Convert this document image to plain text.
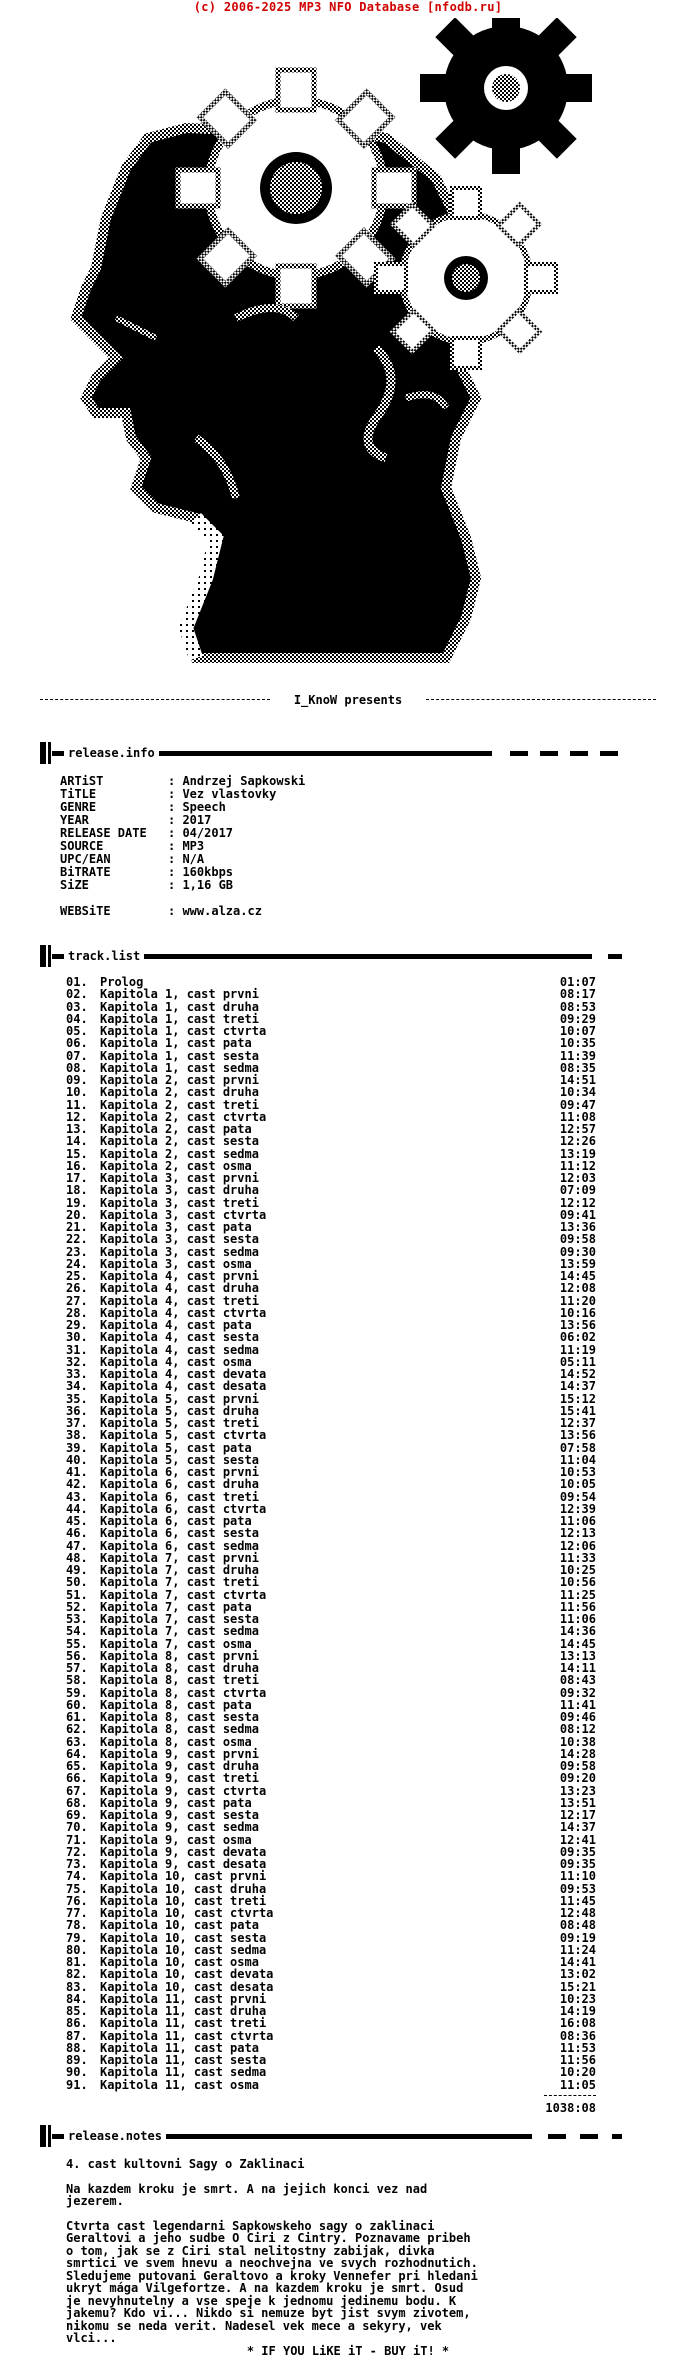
(c) 2006-2025 MP3 NFO Database [nfodb.ru]
I_KnoW presents
release.info
ARTiST	: Andrzej Sapkowski
TiTLE	: Vez vlastovky
GENRE	: Speech
YEAR	: 2017
RELEASE DATE : 04/2017
SOURCE	: MP3
UPC/EAN	: N/A
BiTRATE	: 160kbps
SiZE	: 1,16 GB
WEBSiTE	: www.alza.cz
track.list
01. Prolog	01:07
02. Kapitola 1, cast prvni	08:17
03. Kapitola 1, cast druha	08:53
04. Kapitola 1, cast treti	09:29
05. Kapitola 1, cast ctvrta	10:07
06. Kapitola 1, cast pata	10:35
07. Kapitola 1, cast sesta	11:39
08. Kapitola 1, cast sedma	08:35
09. Kapitola 2, cast prvni	14:51
10. Kapitola 2, cast druha	10:34
11. Kapitola 2, cast treti	09:47
12. Kapitola 2, cast ctvrta	11:08
13. Kapitola 2, cast pata	12:57
14. Kapitola 2, cast sesta	12:26
15. Kapitola 2, cast sedma	13:19
16. Kapitola 2, cast osma	11:12
17. Kapitola 3, cast prvni	12:03
18. Kapitola 3, cast druha	07:09
19. Kapitola 3, cast treti	12:12
20. Kapitola 3, cast ctvrta	09:41
21. Kapitola 3, cast pata	13:36
22. Kapitola 3, cast sesta	09:58
23. Kapitola 3, cast sedma	09:30
24. Kapitola 3, cast osma	13:59
25. Kapitola 4, cast prvni	14:45
26. Kapitola 4, cast druha	12:08
27. Kapitola 4, cast treti	11:20
28. Kapitola 4, cast ctvrta	10:16
29. Kapitola 4, cast pata	13:56
30. Kapitola 4, cast sesta	06:02
31. Kapitola 4, cast sedma	11:19
32. Kapitola 4, cast osma	05:11
33. Kapitola 4, cast devata	14:52
34. Kapitola 4, cast desata	14:37
35. Kapitola 5, cast prvni	15:12
36. Kapitola 5, cast druha	15:41
37. Kapitola 5, cast treti	12:37
38. Kapitola 5, cast ctvrta	13:56
39. Kapitola 5, cast pata	07:58
40. Kapitola 5, cast sesta	11:04
41. Kapitola 6, cast prvni	10:53
42. Kapitola 6, cast druha	10:05
43. Kapitola 6, cast treti	09:54
44. Kapitola 6, cast ctvrta	12:39
45. Kapitola 6, cast pata	11:06
46. Kapitola 6, cast sesta	12:13
47. Kapitola 6, cast sedma	12:06
48. Kapitola 7, cast prvni	11:33
49. Kapitola 7, cast druha	10:25
50. Kapitola 7, cast treti	10:56
51. Kapitola 7, cast ctvrta	11:25
52. Kapitola 7, cast pata	11:56
53. Kapitola 7, cast sesta	11:06
54. Kapitola 7, cast sedma	14:36
55. Kapitola 7, cast osma	14:45
56. Kapitola 8, cast prvni	13:13
57. Kapitola 8, cast druha	14:11
58. Kapitola 8, cast treti	08:43
59. Kapitola 8, cast ctvrta	09:32
60. Kapitola 8, cast pata	11:41
61. Kapitola 8, cast sesta	09:46
62. Kapitola 8, cast sedma	08:12
63. Kapitola 8, cast osma	10:38
64. Kapitola 9, cast prvni	14:28
65. Kapitola 9, cast druha	09:58
66. Kapitola 9, cast treti	09:20
67. Kapitola 9, cast ctvrta	13:23
68. Kapitola 9, cast pata	13:51
69. Kapitola 9, cast sesta	12:17
70. Kapitola 9, cast sedma	14:37
71. Kapitola 9, cast osma	12:41
72. Kapitola 9, cast devata	09:35
73. Kapitola 9, cast desata	09:35
74. Kapitola 10, cast prvni	11:10
75. Kapitola 10, cast druha	09:53
76. Kapitola 10, cast treti	11:45
77. Kapitola 10, cast ctvrta	12:48
78. Kapitola 10, cast pata	08:48
79. Kapitola 10, cast sesta	09:19
80. Kapitola 10, cast sedma	11:24
81. Kapitola 10, cast osma	14:41
82. Kapitola 10, cast devata	13:02
83. Kapitola 10, cast desata	15:21
84. Kapitola 11, cast prvni	10:23
85. Kapitola 11, cast druha	14:19
86. Kapitola 11, cast treti	16:08
87. Kapitola 11, cast ctvrta	08:36
88. Kapitola 11, cast pata	11:53
89. Kapitola 11, cast sesta	11:56
90. Kapitola 11, cast sedma	10:20
91. Kapitola 11, cast osma	11:05
1038:08
release.notes

4. cast kultovni Sagy o Zaklinaci

Na kazdem kroku je smrt. A na jejich konci vez nad
jezerem.

Ctvrta cast legendarni Sapkowskeho sagy o zaklinaci
Geraltovi a jeho sudbe O Ciri z Cintry. Poznavame pribeh
o tom, jak se z Ciri stal nelitostny zabijak, divka
smrtici ve svem hnevu a neochvejna ve svych rozhodnutich.
Sledujeme putovani Geraltovo a kroky Vennefer pri hledani
ukryt mága Vilgefortze. A na kazdem kroku je smrt. Osud
je nevyhnutelny a vse speje k jednomu jedinemu bodu. K
jakemu? Kdo vi... Nikdo si nemuze byt jist svym zivotem,
nikomu se neda verit. Nadesel vek mece a sekyry, vek
vlci...

* IF YOU LiKE iT - BUY iT! *
